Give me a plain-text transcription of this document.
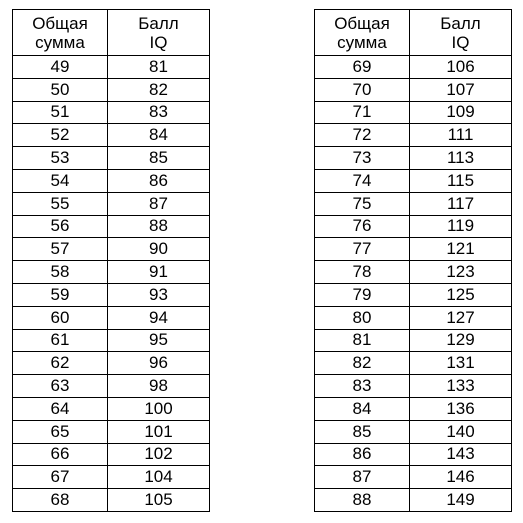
Общая
сумма	Балл
IQ

49	81
50	82
51	83
52	84
53	85
54	86
55	87
56	88
57	90
58	91
59	93
60	94
61	95
62	96
63	98
64	100
65	101
66	102
67	104
68	105
Общая
сумма	Балл
IQ

69	106
70	107
71	109
72	111
73	113
74	115
75	117
76	119
77	121
78	123
79	125
80	127
81	129
82	131
83	133
84	136
85	140
86	143
87	146
88	149
